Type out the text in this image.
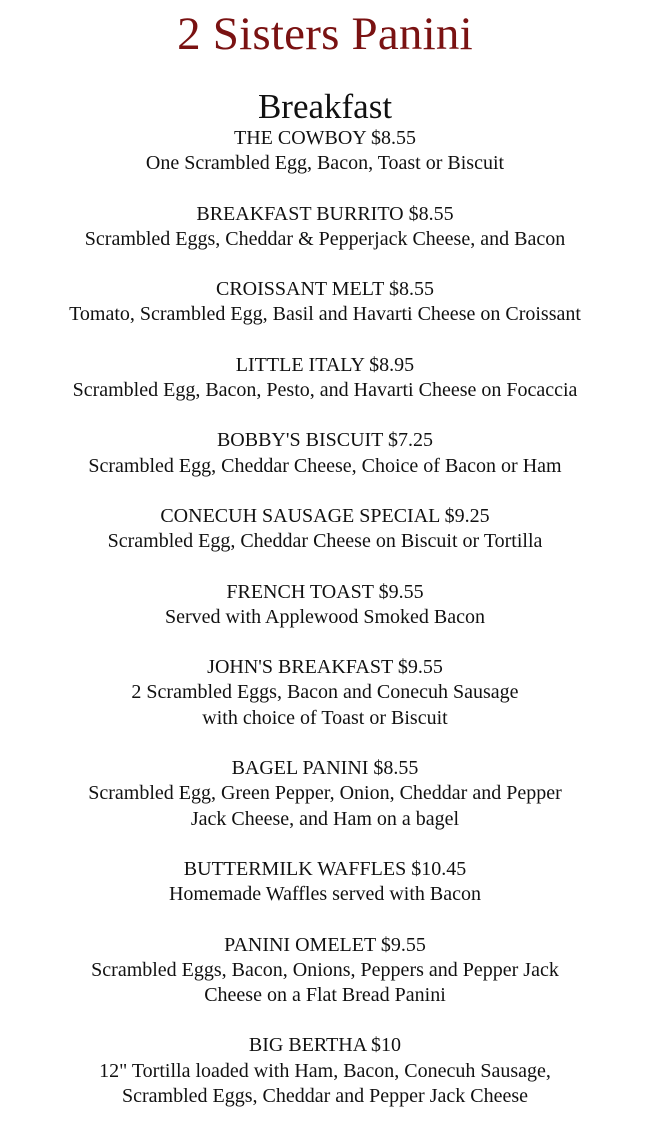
2 Sisters Panini
Breakfast
THE COWBOY $8.55
One Scrambled Egg, Bacon, Toast or Biscuit
BREAKFAST BURRITO $8.55
Scrambled Eggs, Cheddar & Pepperjack Cheese, and Bacon
CROISSANT MELT $8.55
Tomato, Scrambled Egg, Basil and Havarti Cheese on Croissant
LITTLE ITALY $8.95
Scrambled Egg, Bacon, Pesto, and Havarti Cheese on Focaccia
BOBBY'S BISCUIT $7.25
Scrambled Egg, Cheddar Cheese, Choice of Bacon or Ham
CONECUH SAUSAGE SPECIAL $9.25
Scrambled Egg, Cheddar Cheese on Biscuit or Tortilla
FRENCH TOAST $9.55
Served with Applewood Smoked Bacon
JOHN'S BREAKFAST $9.55
2 Scrambled Eggs, Bacon and Conecuh Sausage
with choice of Toast or Biscuit
BAGEL PANINI $8.55
Scrambled Egg, Green Pepper, Onion, Cheddar and Pepper
Jack Cheese, and Ham on a bagel
BUTTERMILK WAFFLES $10.45
Homemade Waffles served with Bacon
PANINI OMELET $9.55
Scrambled Eggs, Bacon, Onions, Peppers and Pepper Jack
Cheese on a Flat Bread Panini
BIG BERTHA $10
12" Tortilla loaded with Ham, Bacon, Conecuh Sausage,
Scrambled Eggs, Cheddar and Pepper Jack Cheese
